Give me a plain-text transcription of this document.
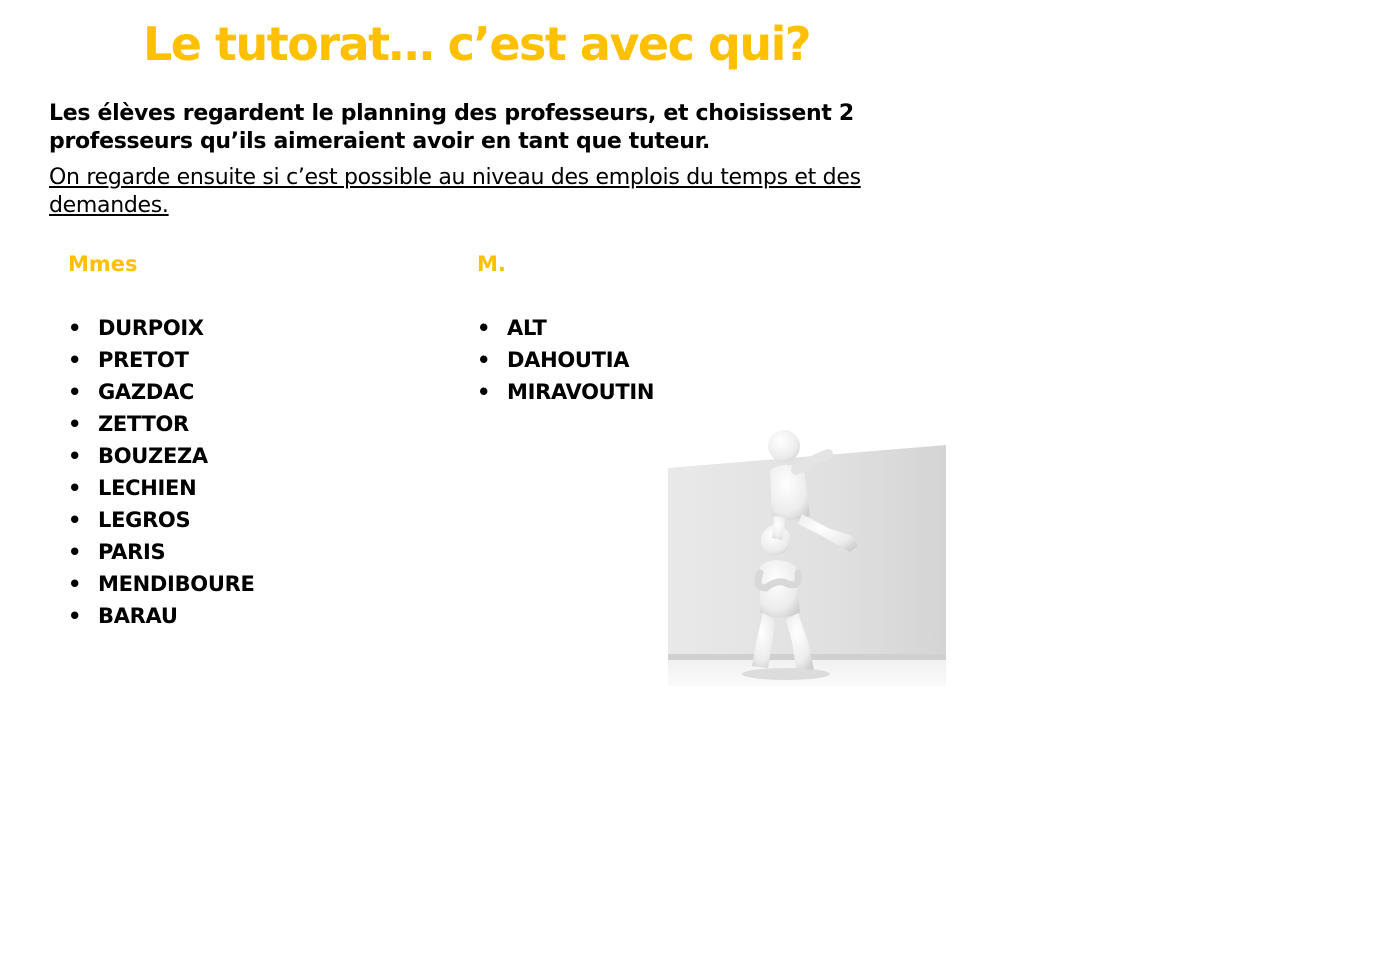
Le tutorat… c’est avec qui?

Les élèves regardent le planning des professeurs, et choisissent 2 professeurs qu’ils aimeraient avoir en tant que tuteur.

On regarde ensuite si c’est possible au niveau des emplois du temps et des demandes.

Mmes	M.
• DURPOIX
• PRETOT
• GAZDAC
• ZETTOR
• BOUZEZA
• LECHIEN
• LEGROS
• PARIS
• MENDIBOURE
• BARAU
• ALT
• DAHOUTIA
• MIRAVOUTIN
